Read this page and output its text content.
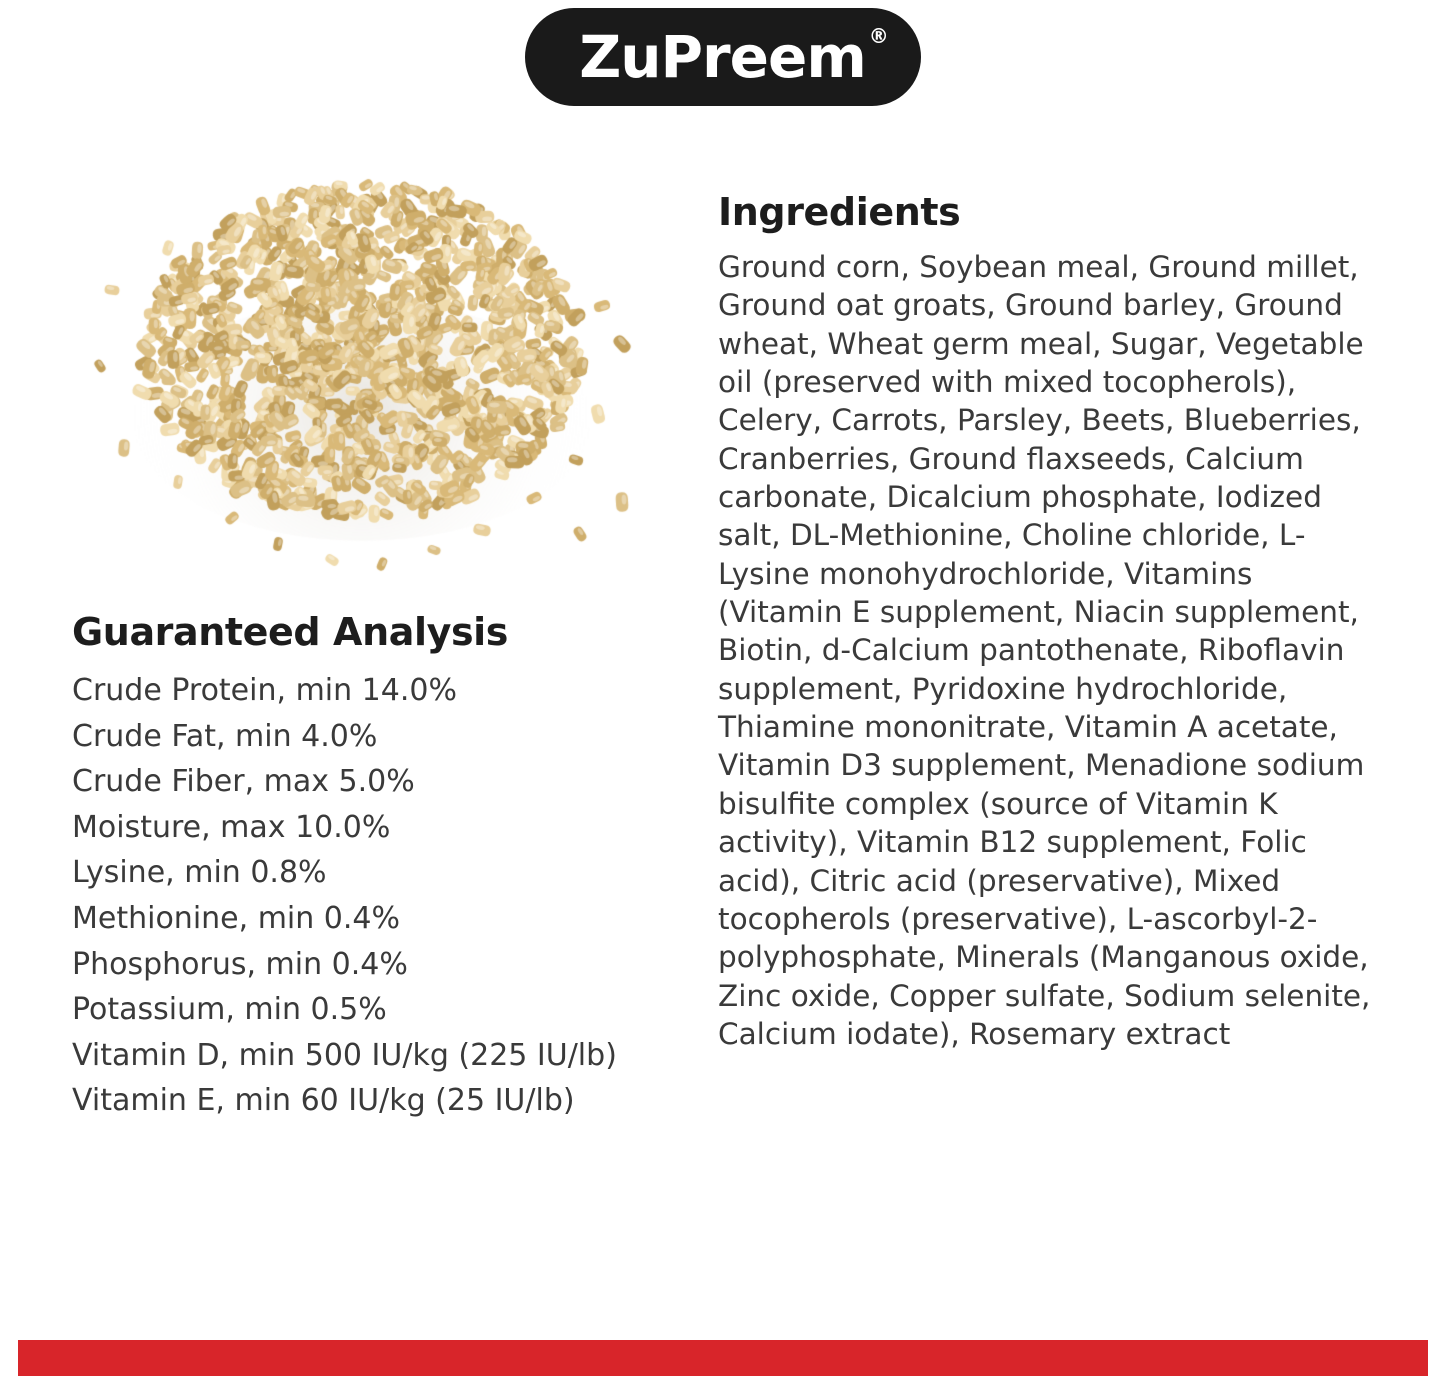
ZuPreem ®
Guaranteed Analysis
Crude Protein, min 14.0%
Crude Fat, min 4.0%
Crude Fiber, max 5.0%
Moisture, max 10.0%
Lysine, min 0.8%
Methionine, min 0.4%
Phosphorus, min 0.4%
Potassium, min 0.5%
Vitamin D, min 500 IU/kg (225 IU/lb)
Vitamin E, min 60 IU/kg (25 IU/lb)
Ingredients

Ground corn, Soybean meal, Ground millet, Ground oat groats, Ground barley, Ground wheat, Wheat germ meal, Sugar, Vegetable oil (preserved with mixed tocopherols), Celery, Carrots, Parsley, Beets, Blueberries, Cranberries, Ground flaxseeds, Calcium carbonate, Dicalcium phosphate, Iodized salt, DL-Methionine, Choline chloride, L-Lysine monohydrochloride, Vitamins (Vitamin E supplement, Niacin supplement, Biotin, d-Calcium pantothenate, Riboflavin supplement, Pyridoxine hydrochloride, Thiamine mononitrate, Vitamin A acetate, Vitamin D3 supplement, Menadione sodium bisulfite complex (source of Vitamin K activity), Vitamin B12 supplement, Folic acid), Citric acid (preservative), Mixed tocopherols (preservative), L-ascorbyl-2-polyphosphate, Minerals (Manganous oxide, Zinc oxide, Copper sulfate, Sodium selenite, Calcium iodate), Rosemary extract
